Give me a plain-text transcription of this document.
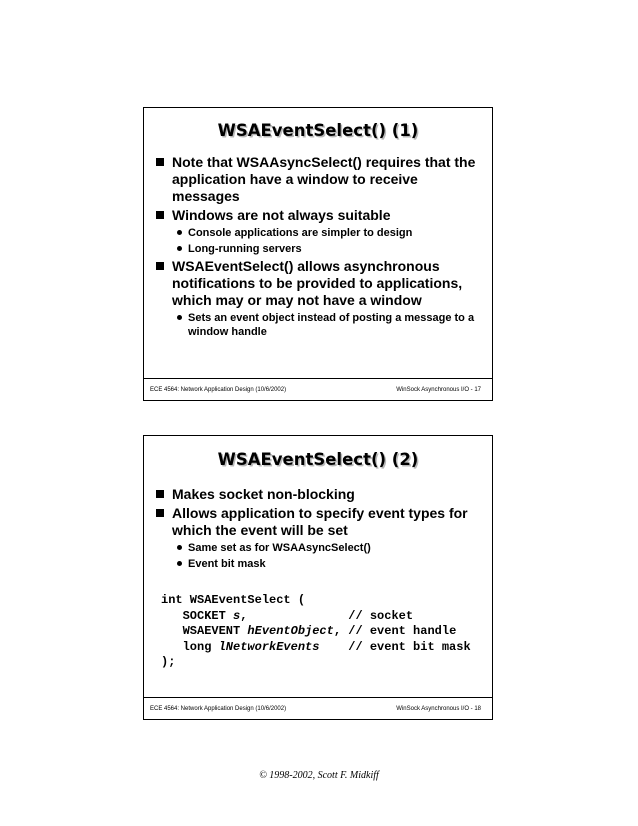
WSAEventSelect() (1)
Note that WSAAsyncSelect() requires that the application have a window to receive messages
Windows are not always suitable
Console applications are simpler to design
Long-running servers
WSAEventSelect() allows asynchronous notifications to be provided to applications, which may or may not have a window
Sets an event object instead of posting a message to a window handle
ECE 4564: Network Application Design (10/6/2002)	WinSock Asynchronous I/O - 17
WSAEventSelect() (2)
Makes socket non-blocking
Allows application to specify event types for which the event will be set
Same set as for WSAAsyncSelect()
Event bit mask
int WSAEventSelect (
SOCKET s,              // socket
WSAEVENT hEventObject, // event handle
long lNetworkEvents    // event bit mask
);
ECE 4564: Network Application Design (10/6/2002)	WinSock Asynchronous I/O - 18
© 1998-2002, Scott F. Midkiff
